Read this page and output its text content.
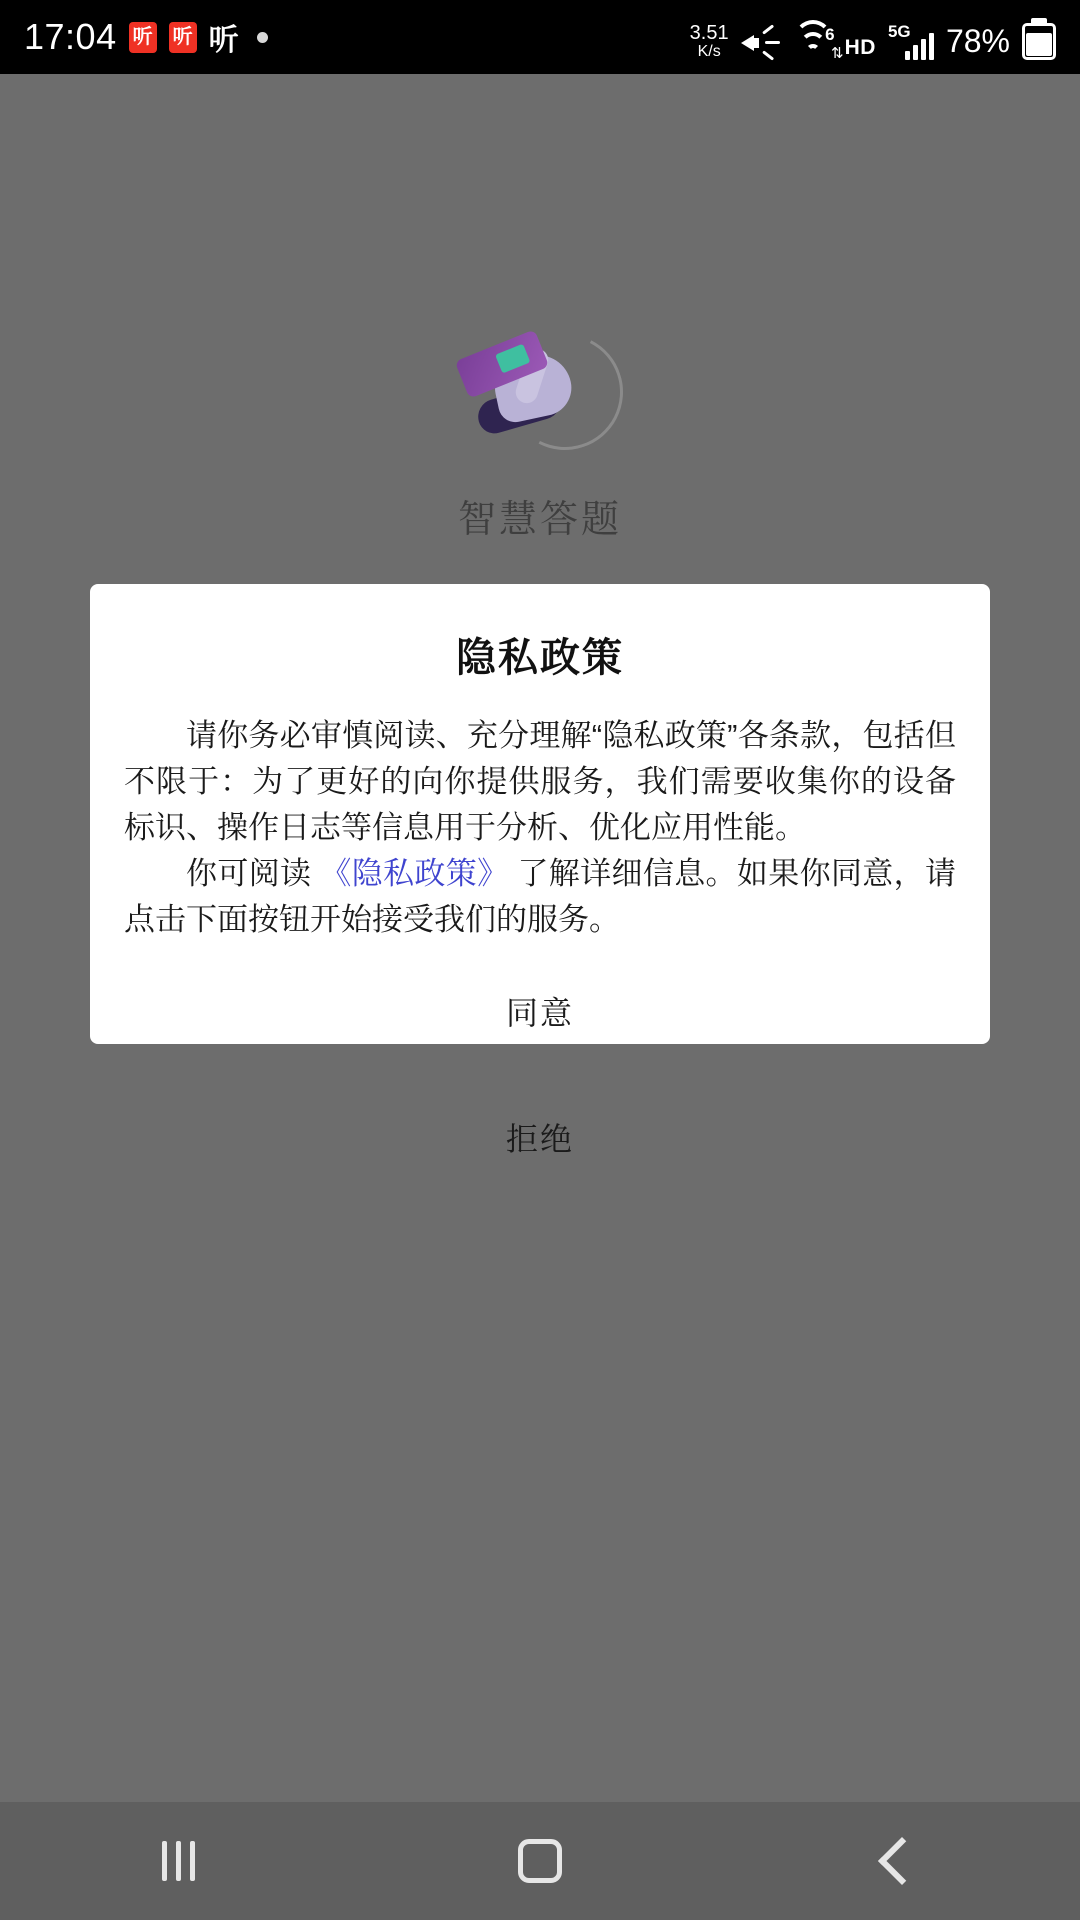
17:04 听 听 听	3.51
K/s
6
⇅ HD
5G 78%
智慧答题
隐私政策

请你务必审慎阅读、充分理解“隐私政策”各条款，包括但不限于：为了更好的向你提供服务，我们需要收集你的设备标识、操作日志等信息用于分析、优化应用性能。

你可阅读 《隐私政策》 了解详细信息。如果你同意，请点击下面按钮开始接受我们的服务。

同意
拒绝
